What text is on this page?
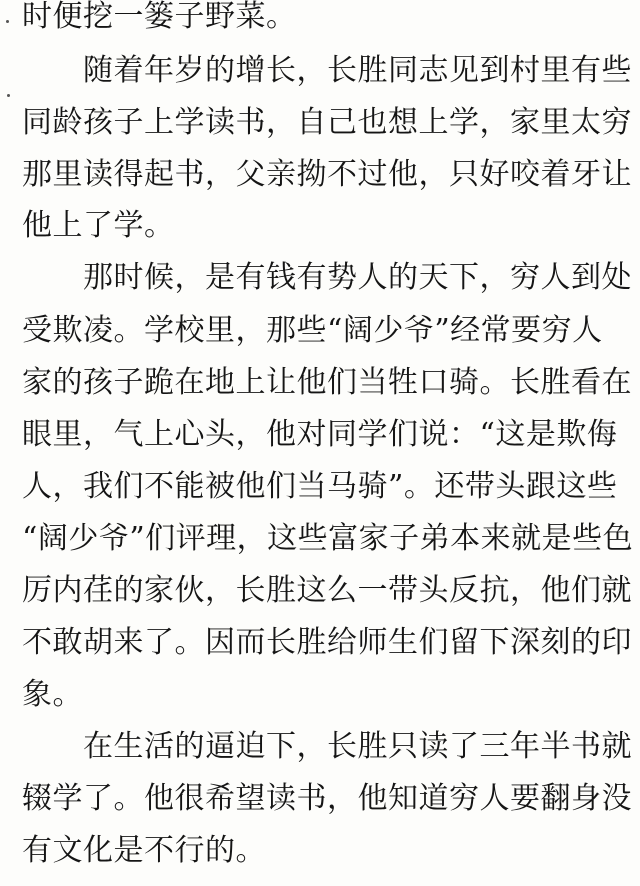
时便挖一篓子野菜。
　　随着年岁的增长，长胜同志见到村里有些
同龄孩子上学读书，自己也想上学，家里太穷
那里读得起书，父亲拗不过他，只好咬着牙让
他上了学。
　　那时候，是有钱有势人的天下，穷人到处
受欺凌。学校里，那些“阔少爷”经常要穷人
家的孩子跪在地上让他们当牲口骑。长胜看在
眼里，气上心头，他对同学们说：“这是欺侮
人，我们不能被他们当马骑”。还带头跟这些
“阔少爷”们评理，这些富家子弟本来就是些色
厉内荏的家伙，长胜这么一带头反抗，他们就
不敢胡来了。因而长胜给师生们留下深刻的印
象。
　　在生活的逼迫下，长胜只读了三年半书就
辍学了。他很希望读书，他知道穷人要翻身没
有文化是不行的。
